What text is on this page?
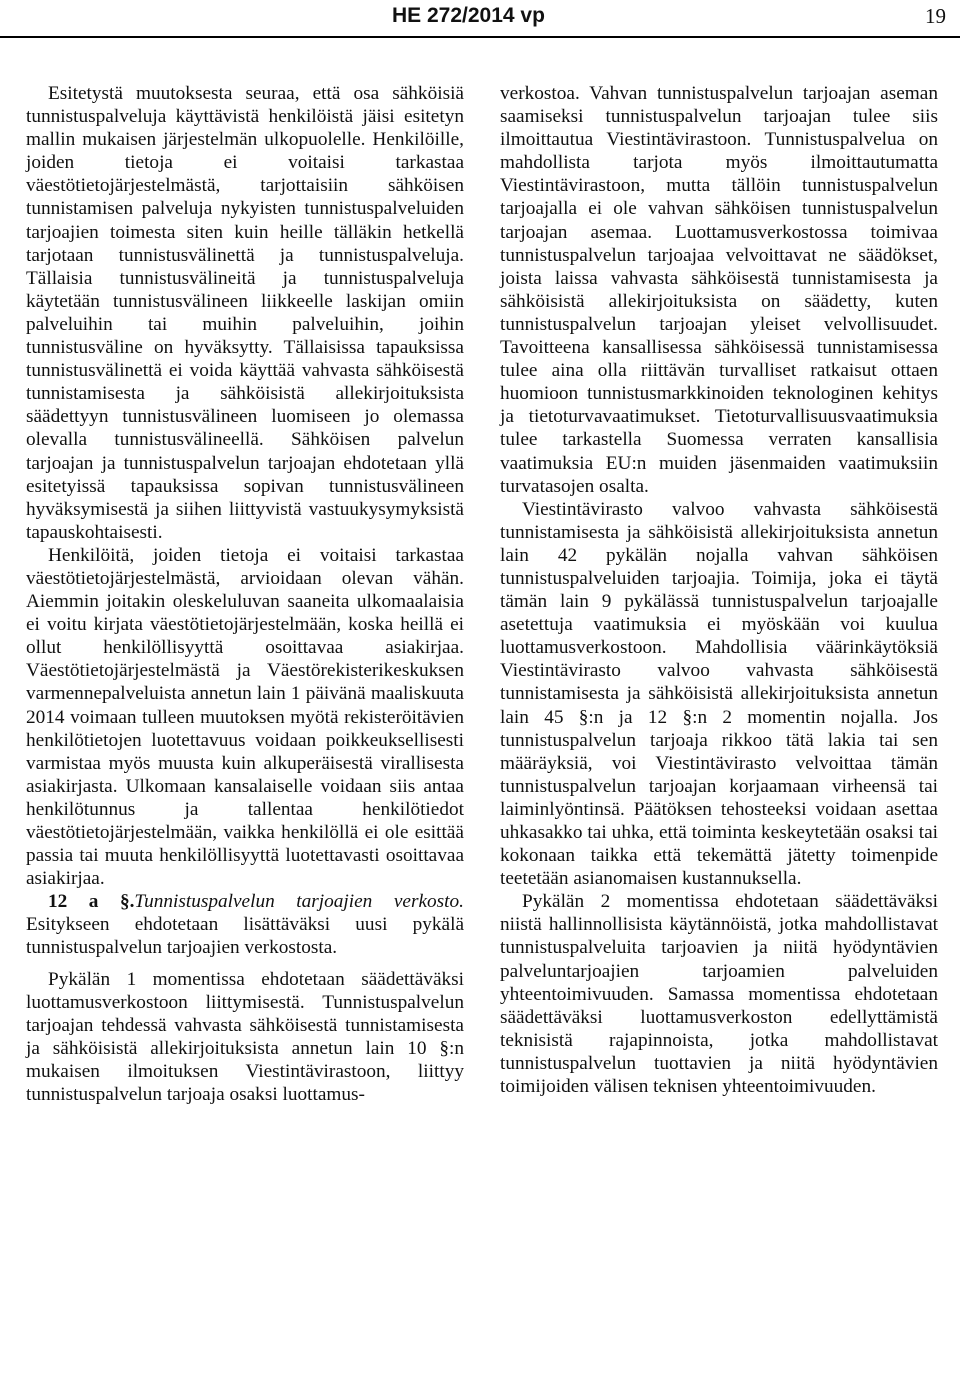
HE 272/2014 vp	19

Esitetystä muutoksesta seuraa, että osa sähköisiä tunnistuspalveluja käyttävistä henkilöistä jäisi esitetyn mallin mukaisen järjestelmän ulkopuolelle. Henkilöille, joiden tietoja ei voitaisi tarkastaa väestötietojärjestelmästä, tarjottaisiin sähköisen tunnistamisen palveluja nykyisten tunnistuspalveluiden tarjoajien toimesta siten kuin heille tälläkin hetkellä tarjotaan tunnistusvälinettä ja tunnistuspalveluja. Tällaisia tunnistusvälineitä ja tunnistuspalveluja käytetään tunnistusvälineen liikkeelle laskijan omiin palveluihin tai muihin palveluihin, joihin tunnistusväline on hyväksytty. Tällaisissa tapauksissa tunnistusvälinettä ei voida käyttää vahvasta sähköisestä tunnistamisesta ja sähköisistä allekirjoituksista säädettyyn tunnistusvälineen luomiseen jo olemassa olevalla tunnistusvälineellä. Sähköisen palvelun tarjoajan ja tunnistuspalvelun tarjoajan ehdotetaan yllä esitetyissä tapauksissa sopivan tunnistusvälineen hyväksymisestä ja siihen liittyvistä vastuukysymyksistä tapauskohtaisesti.

Henkilöitä, joiden tietoja ei voitaisi tarkastaa väestötietojärjestelmästä, arvioidaan olevan vähän. Aiemmin joitakin oleskeluluvan saaneita ulkomaalaisia ei voitu kirjata väestötietojärjestelmään, koska heillä ei ollut henkilöllisyyttä osoittavaa asiakirjaa. Väestötietojärjestelmästä ja Väestörekisterikeskuksen varmennepalveluista annetun lain 1 päivänä maaliskuuta 2014 voimaan tulleen muutoksen myötä rekisteröitävien henkilötietojen luotettavuus voidaan poikkeuksellisesti varmistaa myös muusta kuin alkuperäisestä virallisesta asiakirjasta. Ulkomaan kansalaiselle voidaan siis antaa henkilötunnus ja tallentaa henkilötiedot väestötietojärjestelmään, vaikka henkilöllä ei ole esittää passia tai muuta henkilöllisyyttä luotettavasti osoittavaa asiakirjaa.

12 a §.Tunnistuspalvelun tarjoajien verkosto. Esitykseen ehdotetaan lisättäväksi uusi pykälä tunnistuspalvelun tarjoajien verkostosta.

Pykälän 1 momentissa ehdotetaan säädettäväksi luottamusverkostoon liittymisestä. Tunnistuspalvelun tarjoajan tehdessä vahvasta sähköisestä tunnistamisesta ja sähköisistä allekirjoituksista annetun lain 10 §:n mukaisen ilmoituksen Viestintävirastoon, liittyy tunnistuspalvelun tarjoaja osaksi luottamus-

verkostoa. Vahvan tunnistuspalvelun tarjoajan aseman saamiseksi tunnistuspalvelun tarjoajan tulee siis ilmoittautua Viestintävirastoon. Tunnistuspalvelua on mahdollista tarjota myös ilmoittautumatta Viestintävirastoon, mutta tällöin tunnistuspalvelun tarjoajalla ei ole vahvan sähköisen tunnistuspalvelun tarjoajan asemaa. Luottamusverkostossa toimivaa tunnistuspalvelun tarjoajaa velvoittavat ne säädökset, joista laissa vahvasta sähköisestä tunnistamisesta ja sähköisistä allekirjoituksista on säädetty, kuten tunnistuspalvelun tarjoajan yleiset velvollisuudet. Tavoitteena kansallisessa sähköisessä tunnistamisessa tulee aina olla riittävän turvalliset ratkaisut ottaen huomioon tunnistusmarkkinoiden teknologinen kehitys ja tietoturvavaatimukset. Tietoturvallisuusvaatimuksia tulee tarkastella Suomessa verraten kansallisia vaatimuksia EU:n muiden jäsenmaiden vaatimuksiin turvatasojen osalta.

Viestintävirasto valvoo vahvasta sähköisestä tunnistamisesta ja sähköisistä allekirjoituksista annetun lain 42 pykälän nojalla vahvan sähköisen tunnistuspalveluiden tarjoajia. Toimija, joka ei täytä tämän lain 9 pykälässä tunnistuspalvelun tarjoajalle asetettuja vaatimuksia ei myöskään voi kuulua luottamusverkostoon. Mahdollisia väärinkäytöksiä Viestintävirasto valvoo vahvasta sähköisestä tunnistamisesta ja sähköisistä allekirjoituksista annetun lain 45 §:n ja 12 §:n 2 momentin nojalla. Jos tunnistuspalvelun tarjoaja rikkoo tätä lakia tai sen määräyksiä, voi Viestintävirasto velvoittaa tämän tunnistuspalvelun tarjoajan korjaamaan virheensä tai laiminlyöntinsä. Päätöksen tehosteeksi voidaan asettaa uhkasakko tai uhka, että toiminta keskeytetään osaksi tai kokonaan taikka että tekemättä jätetty toimenpide teetetään asianomaisen kustannuksella.

Pykälän 2 momentissa ehdotetaan säädettäväksi niistä hallinnollisista käytännöistä, jotka mahdollistavat tunnistuspalveluita tarjoavien ja niitä hyödyntävien palveluntarjoajien tarjoamien palveluiden yhteentoimivuuden. Samassa momentissa ehdotetaan säädettäväksi luottamusverkoston edellyttämistä teknisistä rajapinnoista, jotka mahdollistavat tunnistuspalvelun tuottavien ja niitä hyödyntävien toimijoiden välisen teknisen yhteentoimivuuden.
